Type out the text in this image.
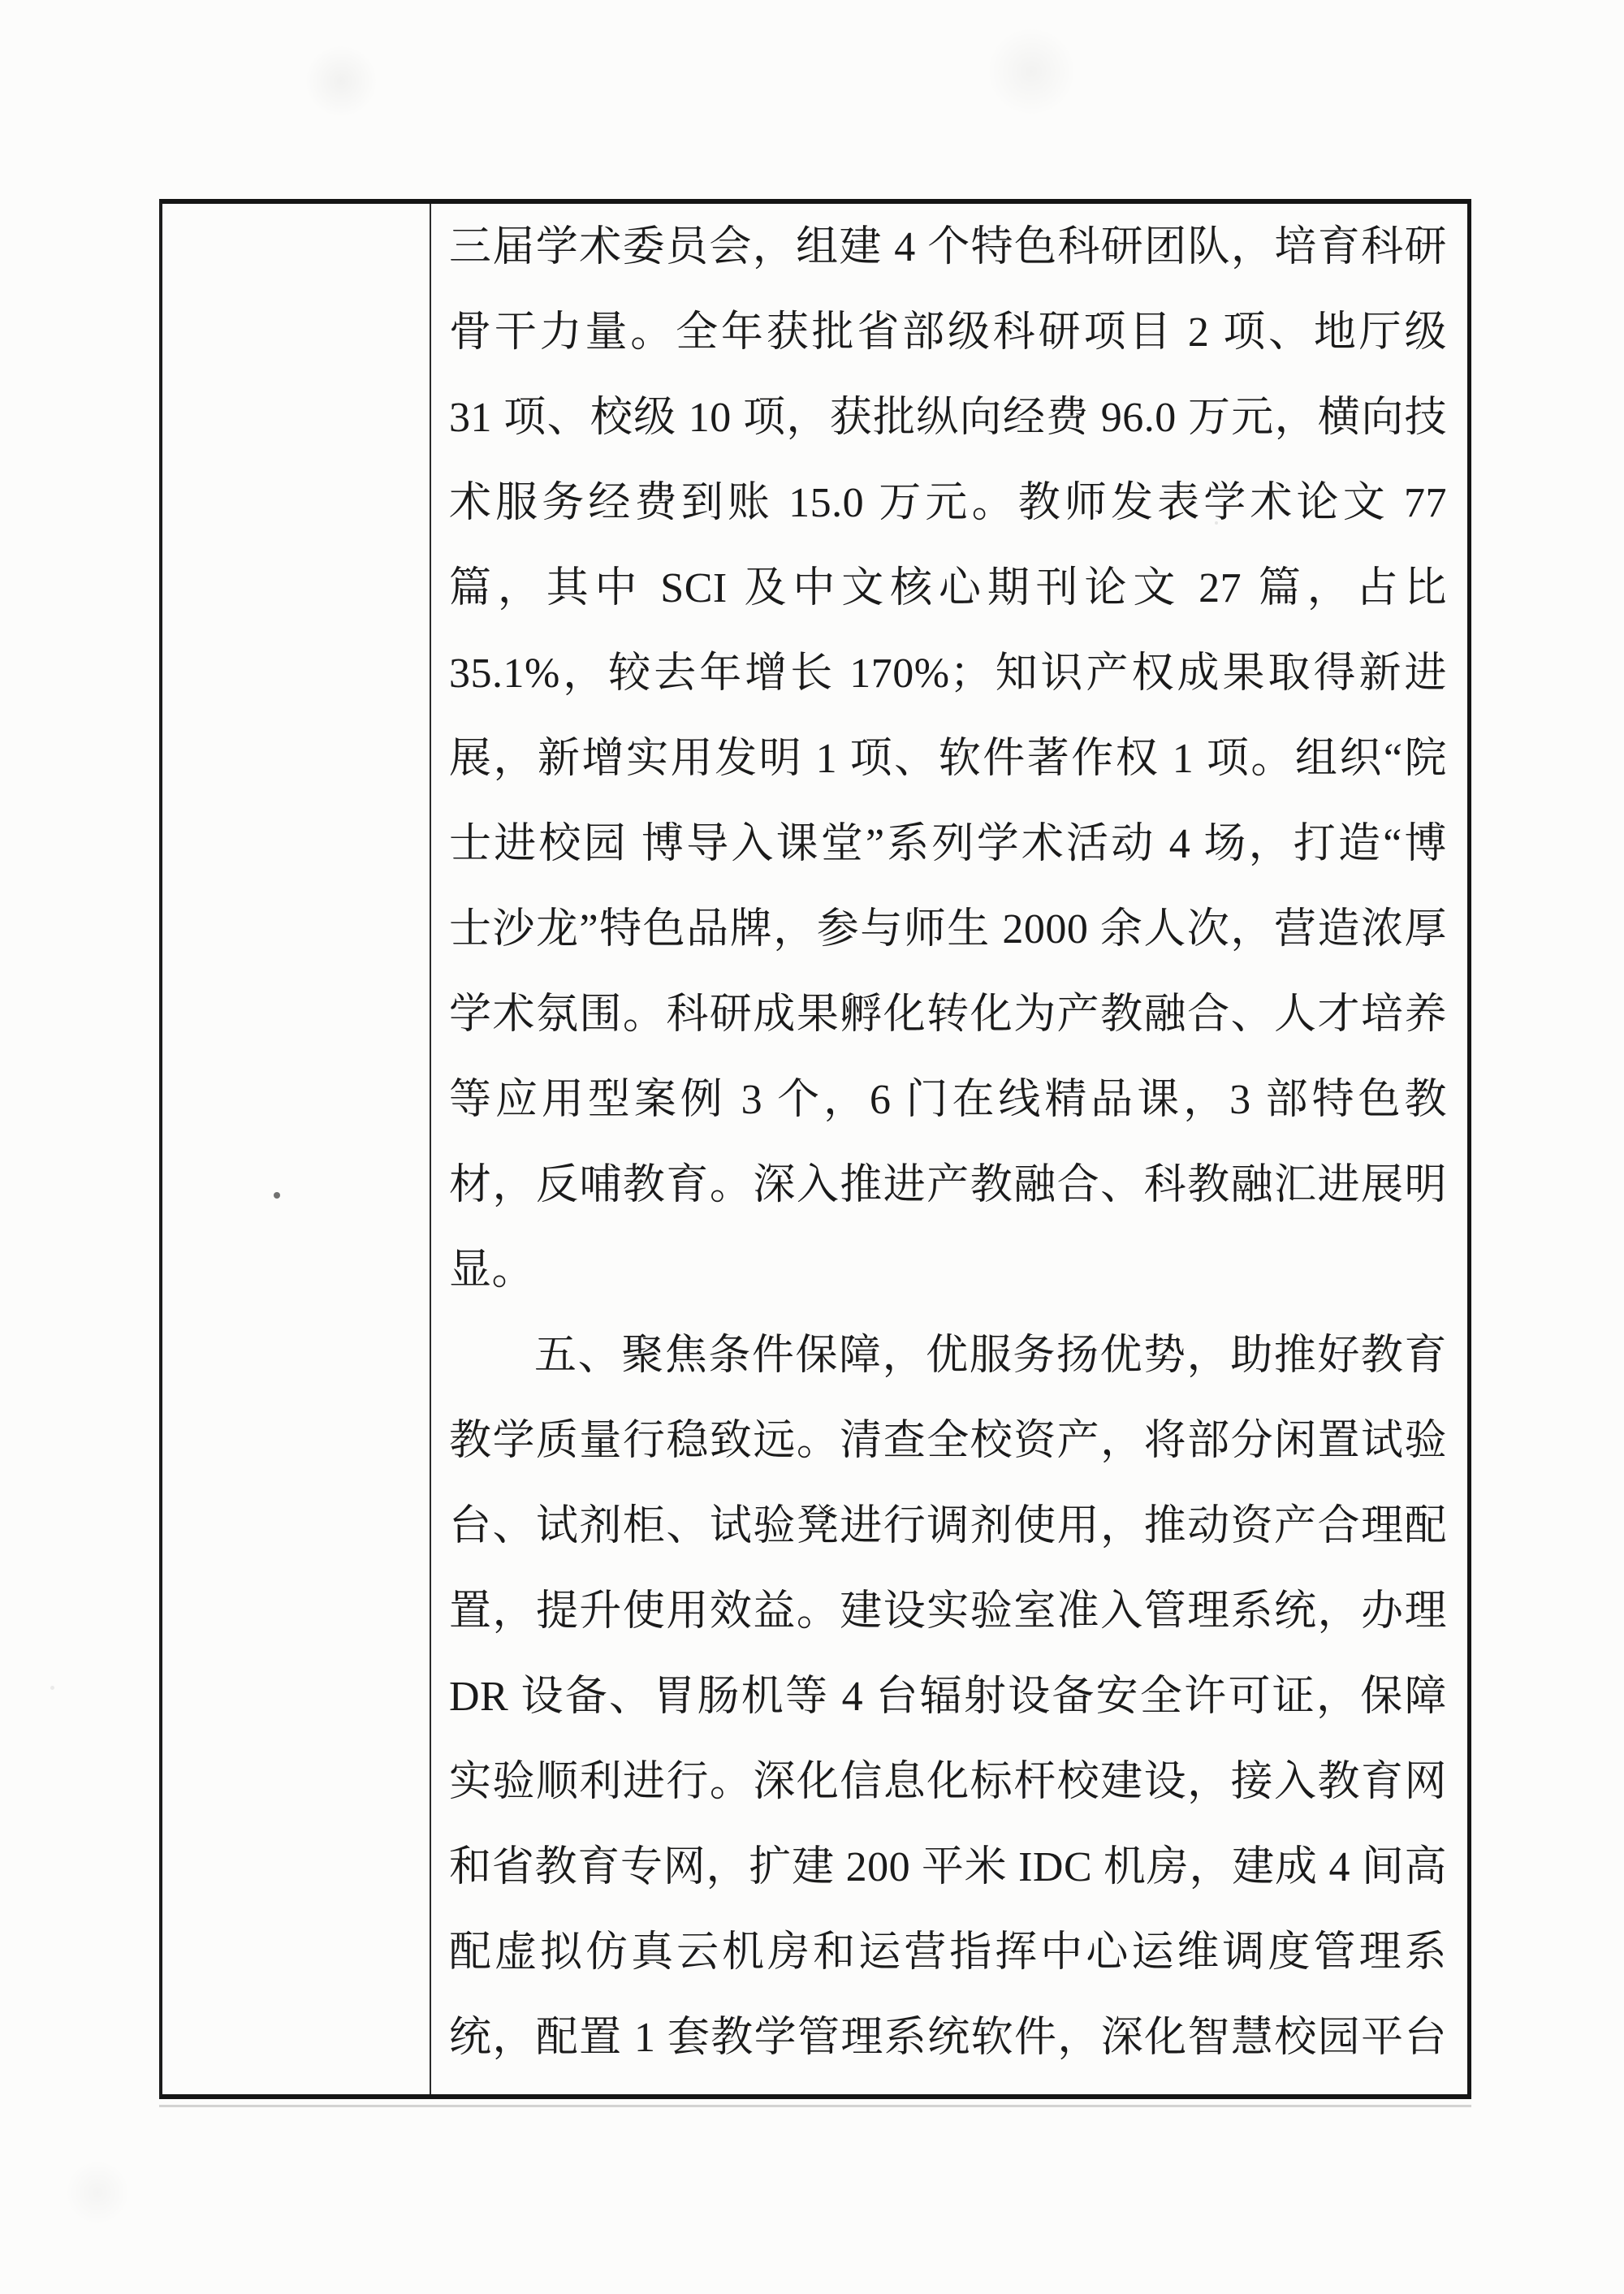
三届学术委员会，组建 4 个特色科研团队，培育科研
骨干力量。全年获批省部级科研项目 2 项、地厅级
31 项、校级 10 项，获批纵向经费 96.0 万元，横向技
术服务经费到账 15.0 万元。教师发表学术论文 77
篇，其中 SCI 及中文核心期刊论文 27 篇，占比
35.1%，较去年增长 170%；知识产权成果取得新进
展，新增实用发明 1 项、软件著作权 1 项。组织“院
士进校园 博导入课堂”系列学术活动 4 场，打造“博
士沙龙”特色品牌，参与师生 2000 余人次，营造浓厚
学术氛围。科研成果孵化转化为产教融合、人才培养
等应用型案例 3 个，6 门在线精品课，3 部特色教
材，反哺教育。深入推进产教融合、科教融汇进展明
显。
五、聚焦条件保障，优服务扬优势，助推好教育
教学质量行稳致远。清查全校资产，将部分闲置试验
台、试剂柜、试验凳进行调剂使用，推动资产合理配
置，提升使用效益。建设实验室准入管理系统，办理
DR 设备、胃肠机等 4 台辐射设备安全许可证，保障
实验顺利进行。深化信息化标杆校建设，接入教育网
和省教育专网，扩建 200 平米 IDC 机房，建成 4 间高
配虚拟仿真云机房和运营指挥中心运维调度管理系
统，配置 1 套教学管理系统软件，深化智慧校园平台
